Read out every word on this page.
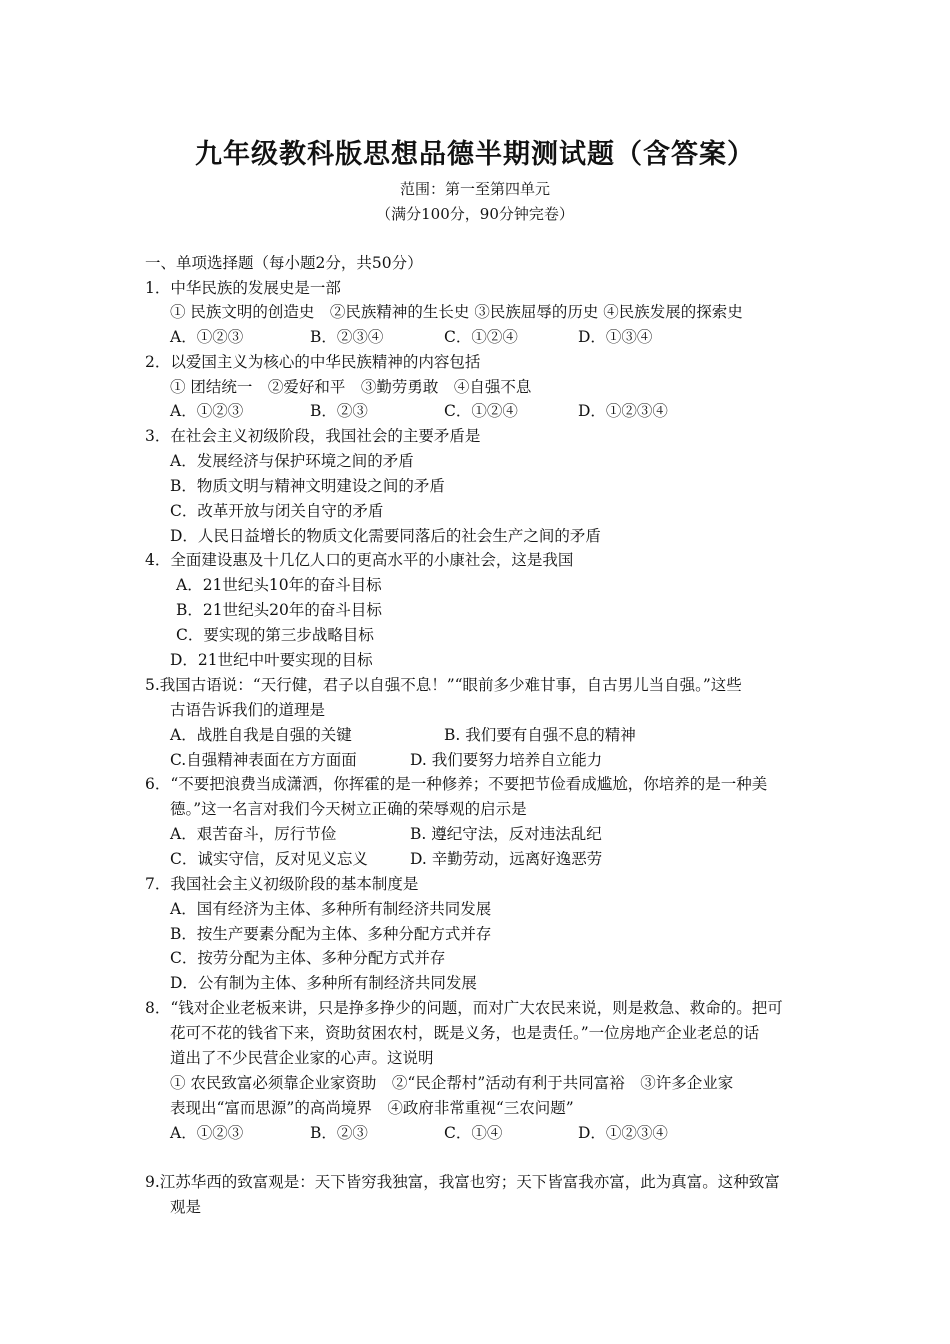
九年级教科版思想品德半期测试题（含答案）
范围：第一至第四单元
（满分100分，90分钟完卷）
一、单项选择题（每小题2分，共50分）
1．中华民族的发展史是一部
① 民族文明的创造史　②民族精神的生长史 ③民族屈辱的历史 ④民族发展的探索史
A．①②③	B．②③④	C．①②④	D．①③④
2．以爱国主义为核心的中华民族精神的内容包括
① 团结统一　②爱好和平　③勤劳勇敢　④自强不息
A．①②③	B．②③	C．①②④	D．①②③④
3．在社会主义初级阶段，我国社会的主要矛盾是
A．发展经济与保护环境之间的矛盾
B．物质文明与精神文明建设之间的矛盾
C．改革开放与闭关自守的矛盾
D．人民日益增长的物质文化需要同落后的社会生产之间的矛盾
4．全面建设惠及十几亿人口的更高水平的小康社会，这是我国
A．21世纪头10年的奋斗目标
B．21世纪头20年的奋斗目标
C．要实现的第三步战略目标
D．21世纪中叶要实现的目标
5.我国古语说：“天行健，君子以自强不息！”“眼前多少难甘事，自古男儿当自强。”这些
古语告诉我们的道理是
A．战胜自我是自强的关键	B. 我们要有自强不息的精神
C.自强精神表面在方方面面	D. 我们要努力培养自立能力
6．“不要把浪费当成潇洒，你挥霍的是一种修养；不要把节俭看成尴尬，你培养的是一种美
德。”这一名言对我们今天树立正确的荣辱观的启示是
A．艰苦奋斗，厉行节俭	B. 遵纪守法，反对违法乱纪
C．诚实守信，反对见义忘义	D. 辛勤劳动，远离好逸恶劳
7．我国社会主义初级阶段的基本制度是
A．国有经济为主体、多种所有制经济共同发展
B．按生产要素分配为主体、多种分配方式并存
C．按劳分配为主体、多种分配方式并存
D．公有制为主体、多种所有制经济共同发展
8．“钱对企业老板来讲，只是挣多挣少的问题，而对广大农民来说，则是救急、救命的。把可
花可不花的钱省下来，资助贫困农村，既是义务，也是责任。”一位房地产企业老总的话
道出了不少民营企业家的心声。这说明
① 农民致富必须靠企业家资助　②“民企帮村”活动有利于共同富裕　③许多企业家
表现出“富而思源”的高尚境界　④政府非常重视“三农问题”
A．①②③	B．②③	C．①④	D．①②③④
9.江苏华西的致富观是：天下皆穷我独富，我富也穷；天下皆富我亦富，此为真富。这种致富
观是
